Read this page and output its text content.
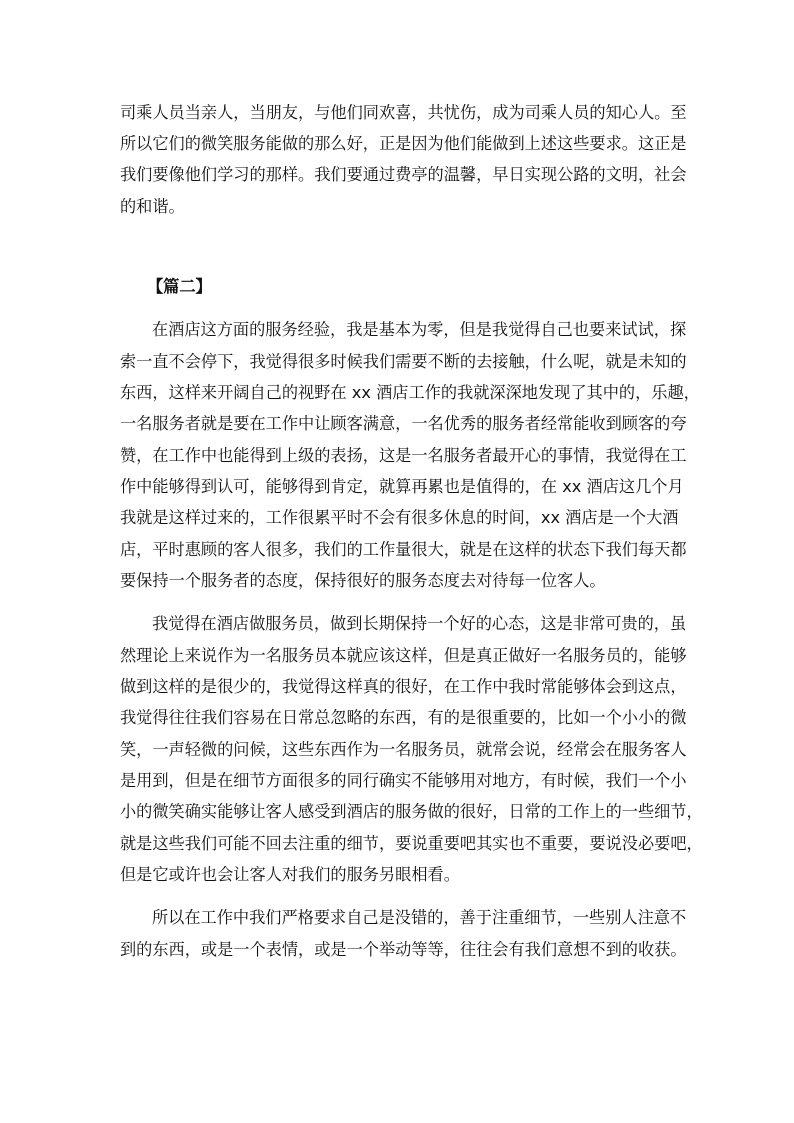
司乘人员当亲人，当朋友，与他们同欢喜，共忧伤，成为司乘人员的知心人。至
所以它们的微笑服务能做的那么好，正是因为他们能做到上述这些要求。这正是
我们要像他们学习的那样。我们要通过费亭的温馨，早日实现公路的文明，社会
的和谐。
【篇二】
在酒店这方面的服务经验，我是基本为零，但是我觉得自己也要来试试，探
索一直不会停下，我觉得很多时候我们需要不断的去接触，什么呢，就是未知的
东西，这样来开阔自己的视野在 xx 酒店工作的我就深深地发现了其中的，乐趣，
一名服务者就是要在工作中让顾客满意，一名优秀的服务者经常能收到顾客的夸
赞，在工作中也能得到上级的表扬，这是一名服务者最开心的事情，我觉得在工
作中能够得到认可，能够得到肯定，就算再累也是值得的，在 xx 酒店这几个月
我就是这样过来的，工作很累平时不会有很多休息的时间，xx 酒店是一个大酒
店，平时惠顾的客人很多，我们的工作量很大，就是在这样的状态下我们每天都
要保持一个服务者的态度，保持很好的服务态度去对待每一位客人。
我觉得在酒店做服务员，做到长期保持一个好的心态，这是非常可贵的，虽
然理论上来说作为一名服务员本就应该这样，但是真正做好一名服务员的，能够
做到这样的是很少的，我觉得这样真的很好，在工作中我时常能够体会到这点，
我觉得往往我们容易在日常总忽略的东西，有的是很重要的，比如一个小小的微
笑，一声轻微的问候，这些东西作为一名服务员，就常会说，经常会在服务客人
是用到，但是在细节方面很多的同行确实不能够用对地方，有时候，我们一个小
小的微笑确实能够让客人感受到酒店的服务做的很好，日常的工作上的一些细节，
就是这些我们可能不回去注重的细节，要说重要吧其实也不重要，要说没必要吧，
但是它或许也会让客人对我们的服务另眼相看。
所以在工作中我们严格要求自己是没错的，善于注重细节，一些别人注意不
到的东西，或是一个表情，或是一个举动等等，往往会有我们意想不到的收获。
